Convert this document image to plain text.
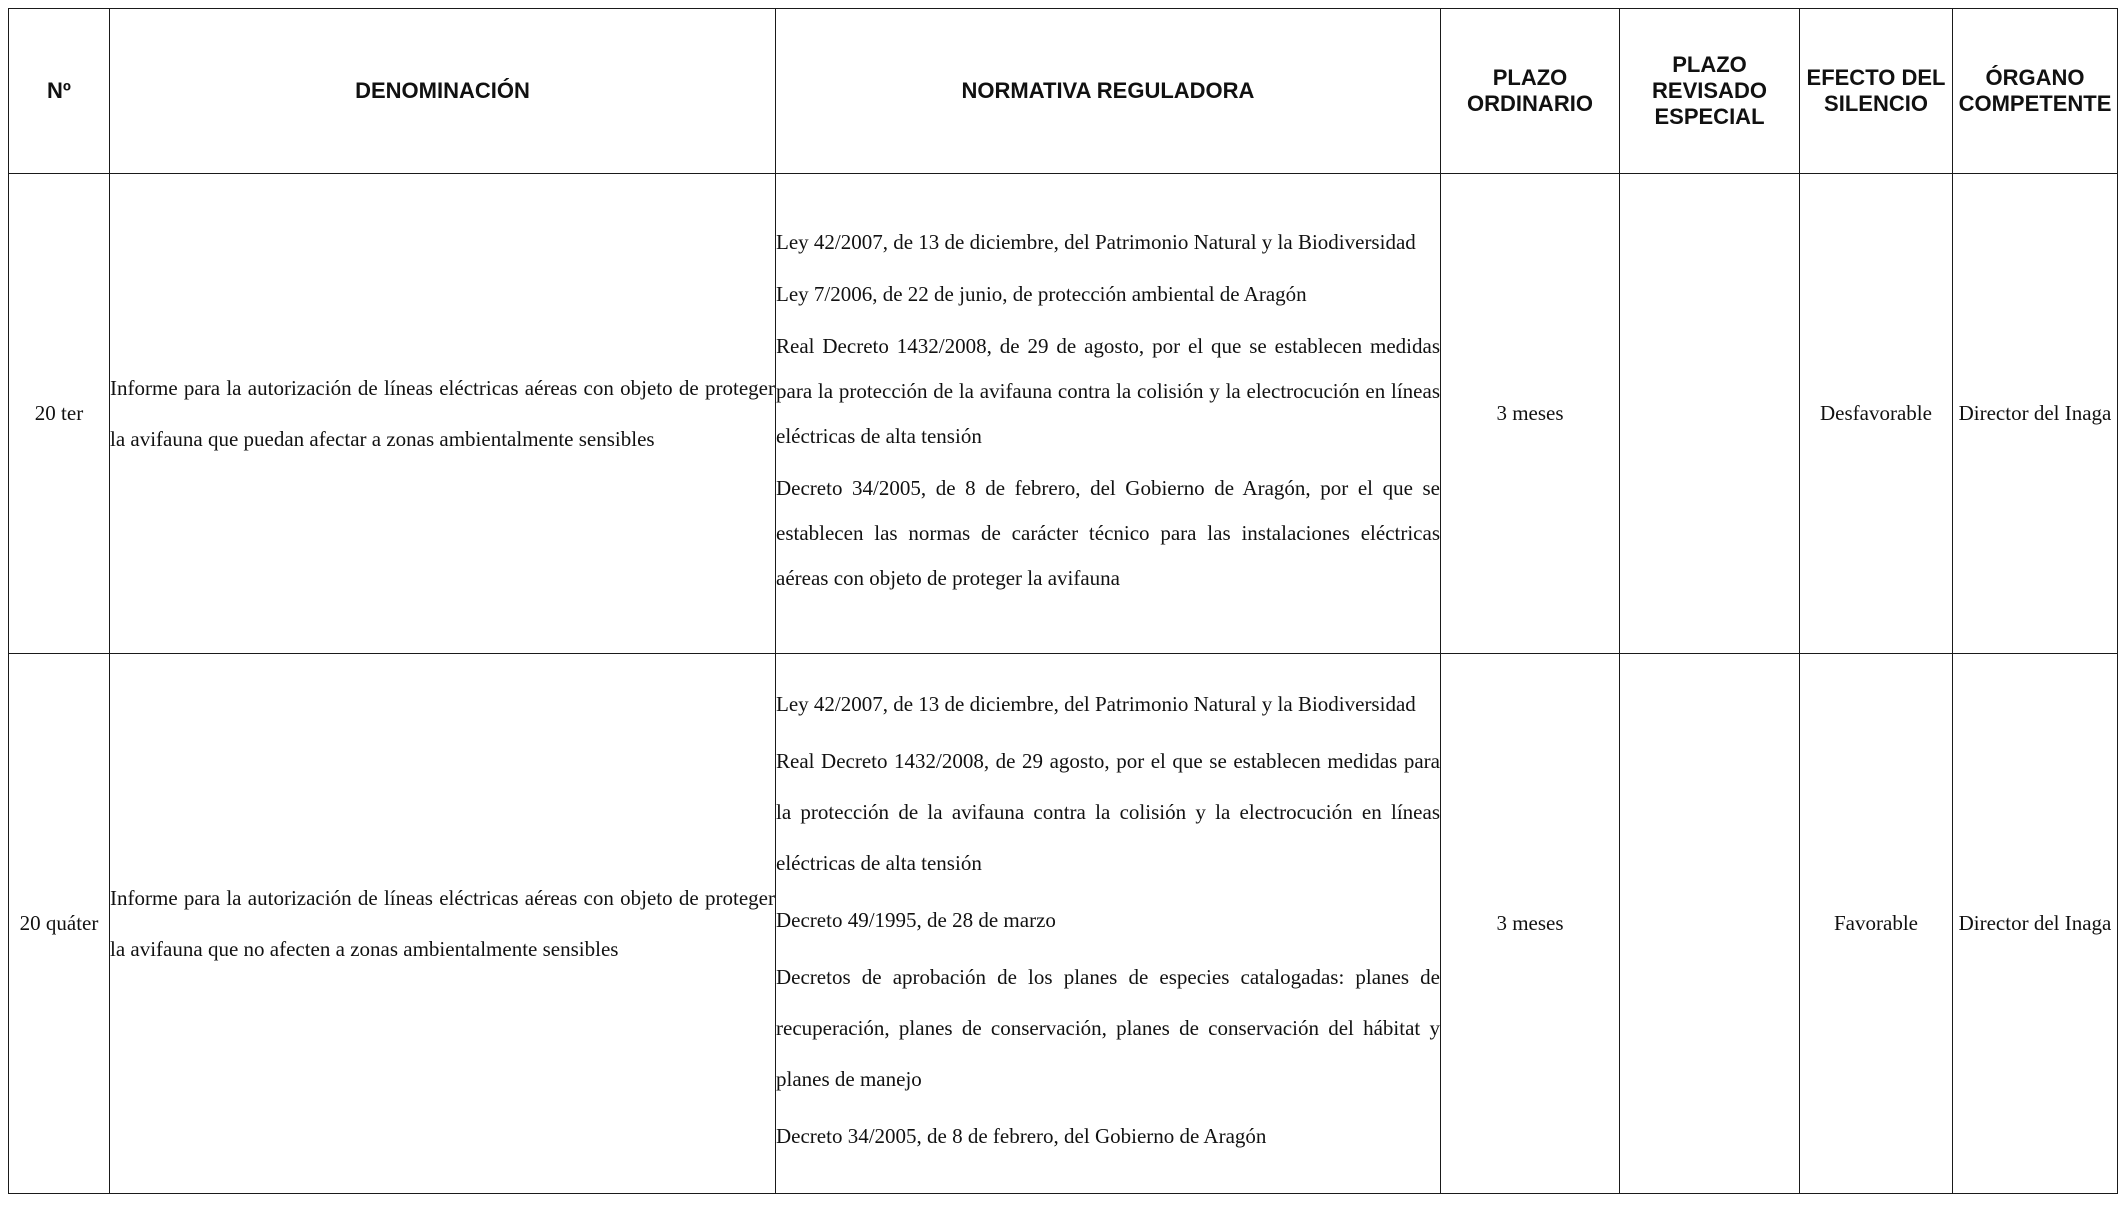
Nº	DENOMINACIÓN	NORMATIVA REGULADORA	PLAZO ORDINARIO	PLAZO REVISADO ESPECIAL	EFECTO DEL SILENCIO	ÓRGANO COMPETENTE
20 ter	Informe para la autorización de líneas eléctricas aéreas con objeto de proteger la avifauna que puedan afectar a zonas ambientalmente sensibles	Ley 42/2007, de 13 de diciembre, del Patrimonio Natural y la Biodiversidad
Ley 7/2006, de 22 de junio, de protección ambiental de Aragón
Real Decreto 1432/2008, de 29 de agosto, por el que se establecen medidas para la protección de la avifauna contra la colisión y la electrocución en líneas eléctricas de alta tensión
Decreto 34/2005, de 8 de febrero, del Gobierno de Aragón, por el que se establecen las normas de carácter técnico para las instalaciones eléctricas aéreas con objeto de proteger la avifauna	3 meses		Desfavorable	Director del Inaga
20 quáter	Informe para la autorización de líneas eléctricas aéreas con objeto de proteger la avifauna que no afecten a zonas ambientalmente sensibles	Ley 42/2007, de 13 de diciembre, del Patrimonio Natural y la Biodiversidad
Real Decreto 1432/2008, de 29 agosto, por el que se establecen medidas para la protección de la avifauna contra la colisión y la electrocución en líneas eléctricas de alta tensión
Decreto 49/1995, de 28 de marzo
Decretos de aprobación de los planes de especies catalogadas: planes de recuperación, planes de conservación, planes de conservación del hábitat y planes de manejo
Decreto 34/2005, de 8 de febrero, del Gobierno de Aragón	3 meses		Favorable	Director del Inaga
